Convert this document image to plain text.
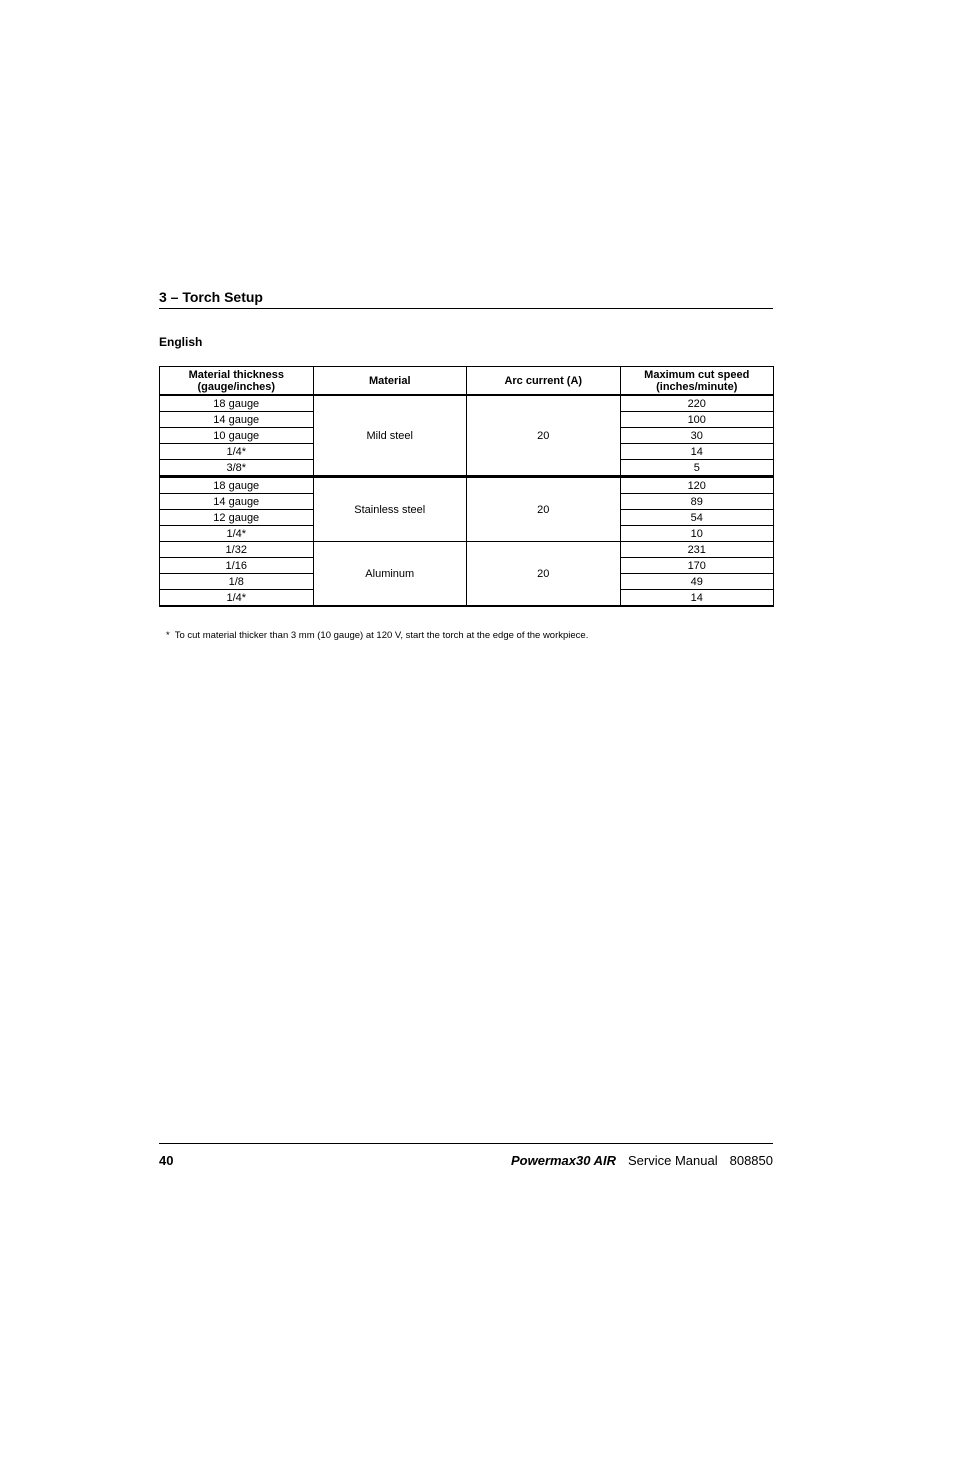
3 – Torch Setup
English
Material thickness
(gauge/inches)	Material	Arc current (A)	Maximum cut speed
(inches/minute)
18 gauge	Mild steel	20	220
14 gauge			100
10 gauge			30
1/4*			14
3/8*			5
18 gauge	Stainless steel	20	120
14 gauge			89
12 gauge			54
1/4*			10
1/32	Aluminum	20	231
1/16			170
1/8			49
1/4*			14
* To cut material thicker than 3 mm (10 gauge) at 120 V, start the torch at the edge of the workpiece.
40	Powermax30 AIR Service Manual 808850
